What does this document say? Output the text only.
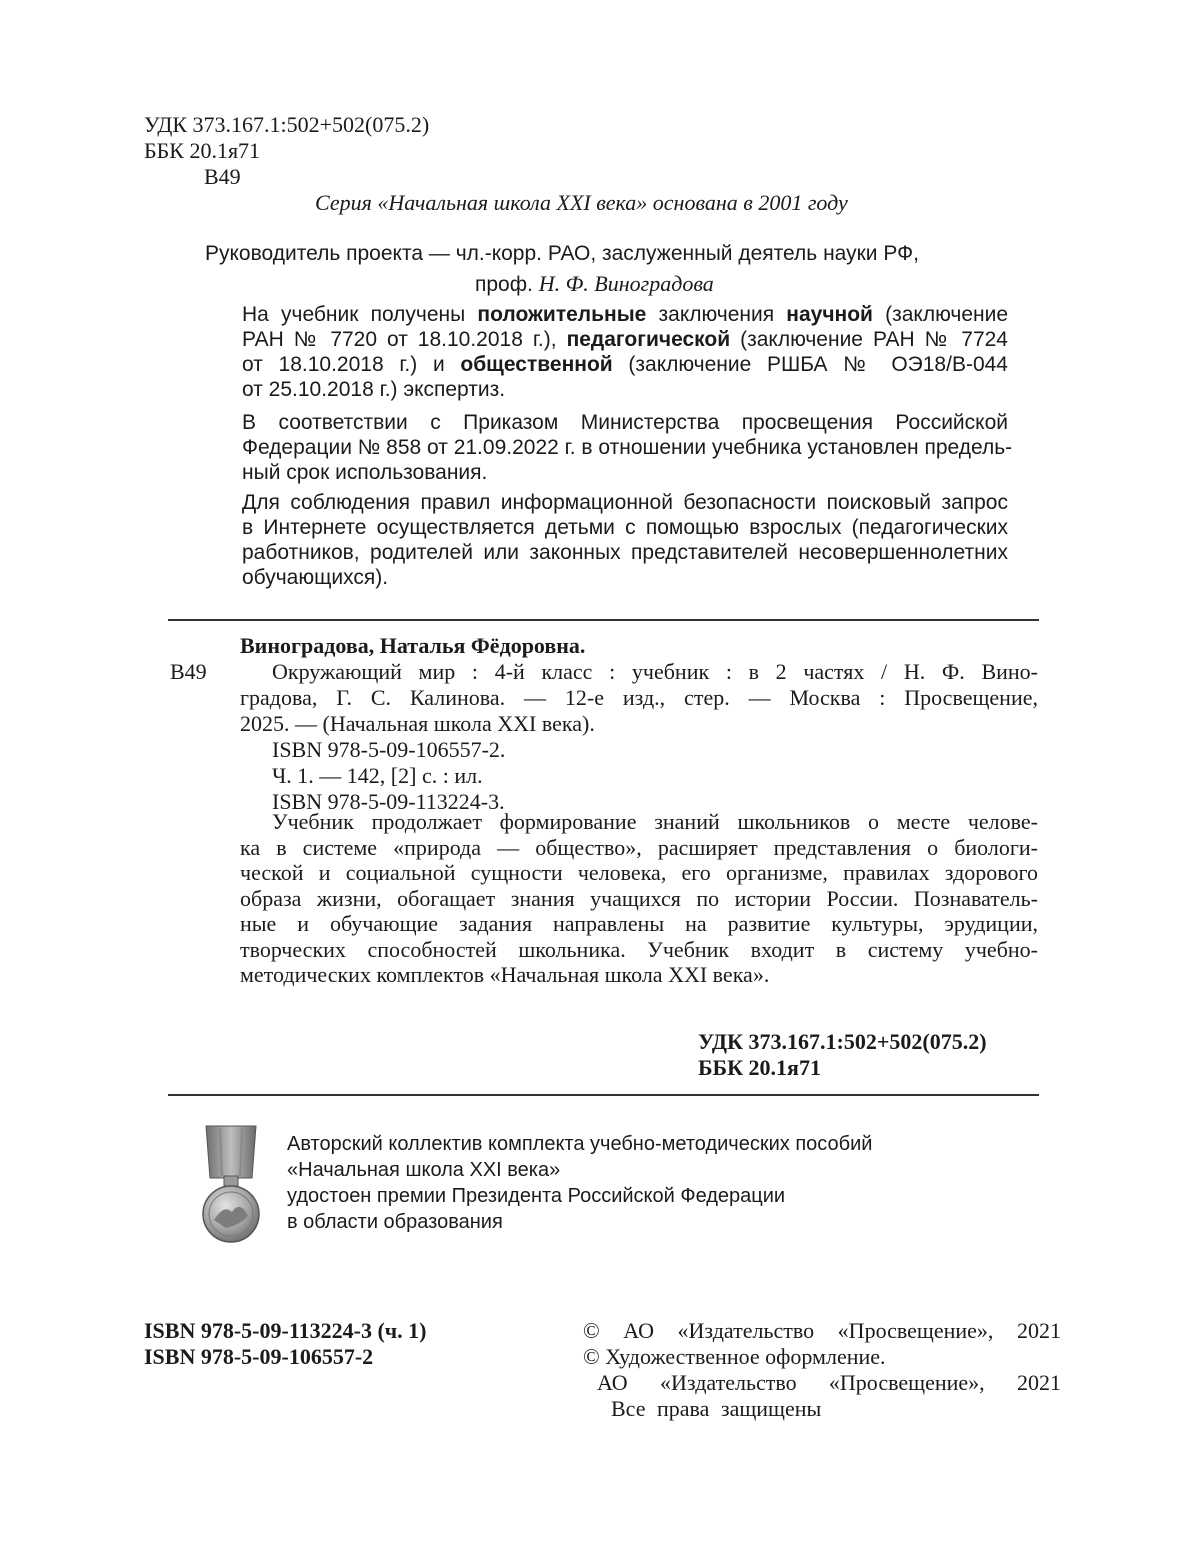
УДК 373.167.1:502+502(075.2)
ББК 20.1я71
В49
Серия «Начальная школа XXI века» основана в 2001 году
Руководитель проекта — чл.-корр. РАО, заслуженный деятель науки РФ,
проф. Н. Ф. Виноградова
На учебник получены положительные заключения научной (заключение
РАН № 7720 от 18.10.2018 г.), педагогической (заключение РАН № 7724
от 18.10.2018 г.) и общественной (заключение РШБА № ОЭ18/В-044
от 25.10.2018 г.) экспертиз.
В соответствии с Приказом Министерства просвещения Российской
Федерации № 858 от 21.09.2022 г. в отношении учебника установлен предель-
ный срок использования.
Для соблюдения правил информационной безопасности поисковый запрос
в Интернете осуществляется детьми с помощью взрослых (педагогических
работников, родителей или законных представителей несовершеннолетних
обучающихся).
Виноградова, Наталья Фёдоровна.
В49	Окружающий мир : 4-й класс : учебник : в 2 частях / Н. Ф. Вино-
градова, Г. С. Калинова. — 12-е изд., стер. — Москва : Просвещение,
2025. — (Начальная школа XXI века).
ISBN 978-5-09-106557-2.
Ч. 1. — 142, [2] с. : ил.
ISBN 978-5-09-113224-3.
Учебник продолжает формирование знаний школьников о месте челове-
ка в системе «природа — общество», расширяет представления о биологи-
ческой и социальной сущности человека, его организме, правилах здорового
образа жизни, обогащает знания учащихся по истории России. Познаватель-
ные и обучающие задания направлены на развитие культуры, эрудиции,
творческих способностей школьника. Учебник входит в систему учебно-
методических комплектов «Начальная школа XXI века».
УДК 373.167.1:502+502(075.2)
ББК 20.1я71
Авторский коллектив комплекта учебно-методических пособий
«Начальная школа XXI века»
удостоен премии Президента Российской Федерации
в области образования
ISBN 978-5-09-113224-3 (ч. 1)
ISBN 978-5-09-106557-2
© АО «Издательство «Просвещение», 2021
© Художественное оформление.
АО «Издательство «Просвещение», 2021
Все права защищены
